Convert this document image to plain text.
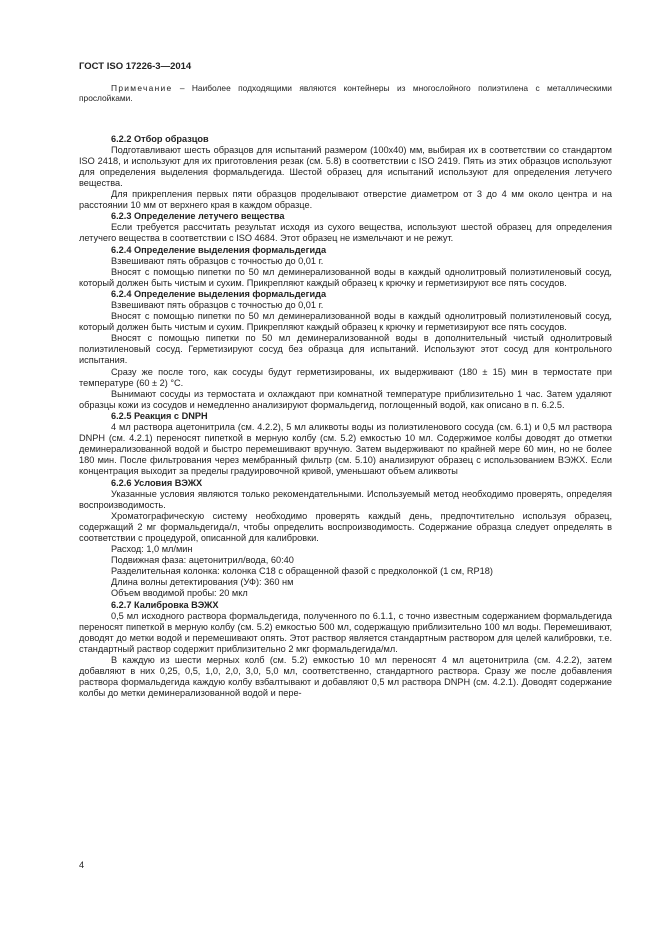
ГОСТ ISO 17226-3—2014

Примечание – Наиболее подходящими являются контейнеры из многослойного полиэтилена с металлическими прослойками.

6.2.2 Отбор образцов

Подготавливают шесть образцов для испытаний размером (100х40) мм, выбирая их в соответствии со стандартом ISO 2418, и используют для их приготовления резак (см. 5.8) в соответствии с ISO 2419. Пять из этих образцов используют для определения выделения формальдегида. Шестой образец для испытаний используют для определения летучего вещества.

Для прикрепления первых пяти образцов проделывают отверстие диаметром от 3 до 4 мм около центра и на расстоянии 10 мм от верхнего края в каждом образце.

6.2.3 Определение летучего вещества

Если требуется рассчитать результат исходя из сухого вещества, используют шестой образец для определения летучего вещества в соответствии с ISO 4684. Этот образец не измельчают и не режут.

6.2.4 Определение выделения формальдегида

Взвешивают пять образцов с точностью до 0,01 г.

Вносят с помощью пипетки по 50 мл деминерализованной воды в каждый однолитровый полиэтиленовый сосуд, который должен быть чистым и сухим. Прикрепляют каждый образец к крючку и герметизируют все пять сосудов.

6.2.4 Определение выделения формальдегида

Взвешивают пять образцов с точностью до 0,01 г.

Вносят с помощью пипетки по 50 мл деминерализованной воды в каждый однолитровый полиэтиленовый сосуд, который должен быть чистым и сухим. Прикрепляют каждый образец к крючку и герметизируют все пять сосудов.

Вносят с помощью пипетки по 50 мл деминерализованной воды в дополнительный чистый однолитровый полиэтиленовый сосуд. Герметизируют сосуд без образца для испытаний. Используют этот сосуд для контрольного испытания.

Сразу же после того, как сосуды будут герметизированы, их выдерживают (180 ± 15) мин в термостате при температуре (60 ± 2) °С.

Вынимают сосуды из термостата и охлаждают при комнатной температуре приблизительно 1 час. Затем удаляют образцы кожи из сосудов и немедленно анализируют формальдегид, поглощенный водой, как описано в п. 6.2.5.

6.2.5 Реакция с DNPH

4 мл раствора ацетонитрила (см. 4.2.2), 5 мл аликвоты воды из полиэтиленового сосуда (см. 6.1) и 0,5 мл раствора DNPH (см. 4.2.1) переносят пипеткой в мерную колбу (см. 5.2) емкостью 10 мл. Содержимое колбы доводят до отметки деминерализованной водой и быстро перемешивают вручную. Затем выдерживают по крайней мере 60 мин, но не более 180 мин. После фильтрования через мембранный фильтр (см. 5.10) анализируют образец с использованием ВЭЖХ. Если концентрация выходит за пределы градуировочной кривой, уменьшают объем аликвоты

6.2.6 Условия ВЭЖХ

Указанные условия являются только рекомендательными. Используемый метод необходимо проверять, определяя воспроизводимость.

Хроматографическую систему необходимо проверять каждый день, предпочтительно используя образец, содержащий 2 мг формальдегида/л, чтобы определить воспроизводимость. Содержание образца следует определять в соответствии с процедурой, описанной для калибровки.

Расход: 1,0 мл/мин

Подвижная фаза: ацетонитрил/вода, 60:40

Разделительная колонка: колонка С18 с обращенной фазой с предколонкой (1 см, RP18)

Длина волны детектирования (УФ): 360 нм

Объем вводимой пробы: 20 мкл

6.2.7 Калибровка ВЭЖХ

0,5 мл исходного раствора формальдегида, полученного по 6.1.1, с точно известным содержанием формальдегида переносят пипеткой в мерную колбу (см. 5.2) емкостью 500 мл, содержащую приблизительно 100 мл воды. Перемешивают, доводят до метки водой и перемешивают опять. Этот раствор является стандартным раствором для целей калибровки, т.е. стандартный раствор содержит приблизительно 2 мкг формальдегида/мл.

В каждую из шести мерных колб (см. 5.2) емкостью 10 мл переносят 4 мл ацетонитрила (см. 4.2.2), затем добавляют в них 0,25, 0,5, 1,0, 2,0, 3,0, 5,0 мл, соответственно, стандартного раствора. Сразу же после добавления раствора формальдегида каждую колбу взбалтывают и добавляют 0,5 мл раствора DNPH (см. 4.2.1). Доводят содержание колбы до метки деминерализованной водой и пере-

4
